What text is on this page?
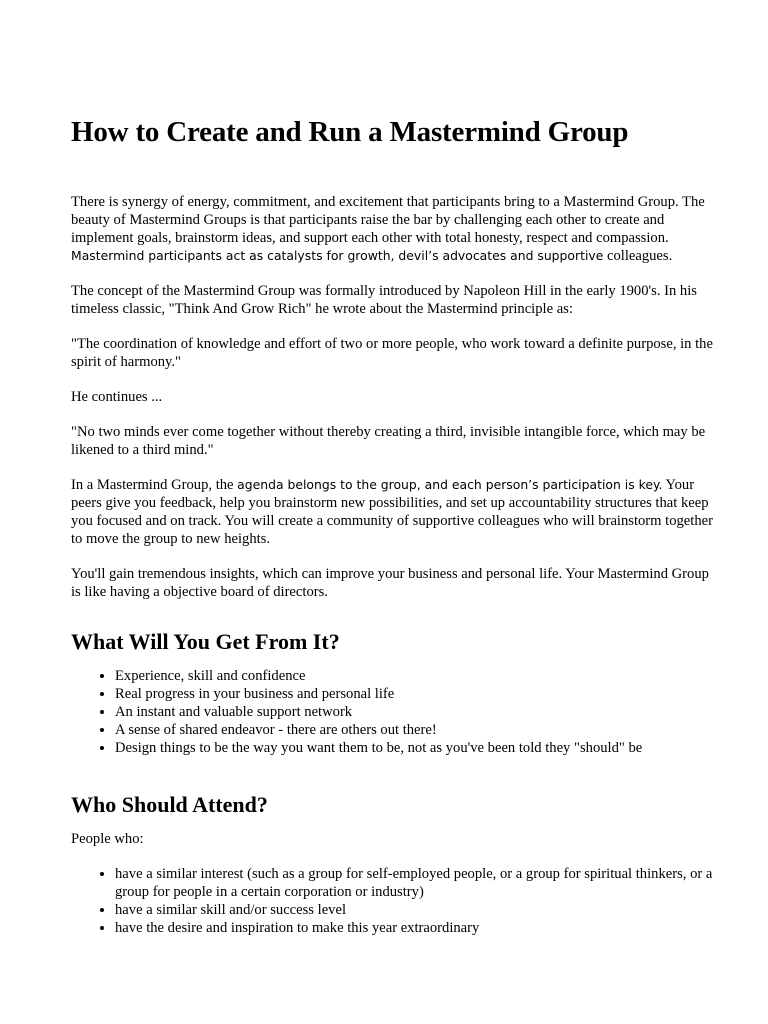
How to Create and Run a Mastermind Group

There is synergy of energy, commitment, and excitement that participants bring to a Mastermind Group. The beauty of Mastermind Groups is that participants raise the bar by challenging each other to create and implement goals, brainstorm ideas, and support each other with total honesty, respect and compassion. Mastermind participants act as catalysts for growth, devil’s advocates and supportive colleagues.

The concept of the Mastermind Group was formally introduced by Napoleon Hill in the early 1900's. In his timeless classic, "Think And Grow Rich" he wrote about the Mastermind principle as:

"The coordination of knowledge and effort of two or more people, who work toward a definite purpose, in the spirit of harmony."

He continues ...

"No two minds ever come together without thereby creating a third, invisible intangible force, which may be likened to a third mind."

In a Mastermind Group, the agenda belongs to the group, and each person’s participation is key. Your peers give you feedback, help you brainstorm new possibilities, and set up accountability structures that keep you focused and on track. You will create a community of supportive colleagues who will brainstorm together to move the group to new heights.

You'll gain tremendous insights, which can improve your business and personal life. Your Mastermind Group is like having a objective board of directors.

What Will You Get From It?
• Experience, skill and confidence
• Real progress in your business and personal life
• An instant and valuable support network
• A sense of shared endeavor - there are others out there!
• Design things to be the way you want them to be, not as you've been told they "should" be
Who Should Attend?

People who:

• have a similar interest (such as a group for self-employed people, or a group for spiritual thinkers, or a group for people in a certain corporation or industry)
• have a similar skill and/or success level
• have the desire and inspiration to make this year extraordinary
